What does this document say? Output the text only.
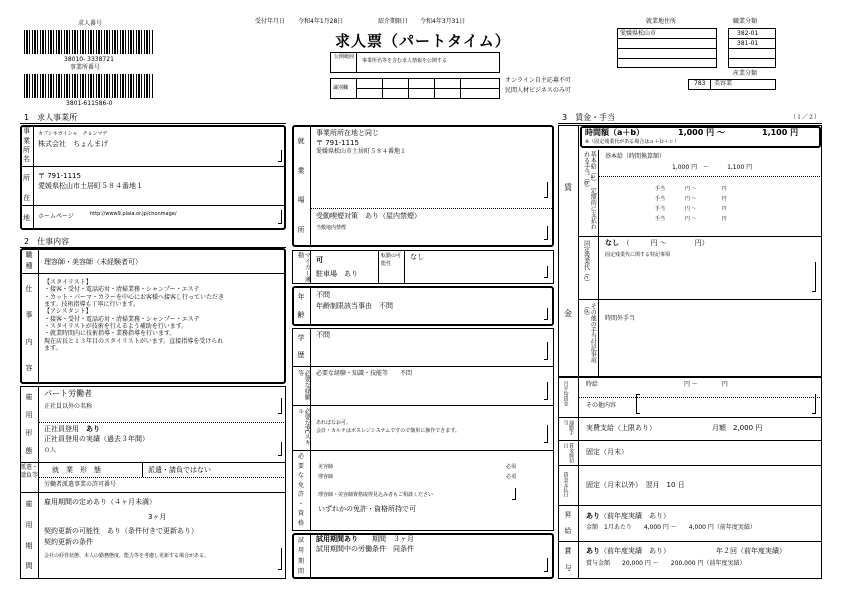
求人番号
38010- 3338721
事業所番号
3801-611586-0
受付年月日 令和4年1月28日	紹介期限日 令和4年3月31日
求人票（パートタイム）
公開範囲
事業所名等を含む求人情報を公開する
識別欄
オンライン自主応募不可
民間人材ビジネスのみ可
就業地住所
愛媛県松山市
職業分類
382-01
381-01
産業分類
783 美容業
1　求人事業所
事
業
所
名
所
在
地
カブシキガイシャ　チョンマゲ
株式会社　ちょんまげ
〒 791-1115
愛媛県松山市土居町５８４番地１
ホームページ	http://www9.plala.or.jp/chonmage/
2　仕事内容
職
種
理容師・美容師（未経験者可）
仕
事
内
容
【スタイリスト】
・接客・受付・電話応対・清掃業務・シャンプー・エステ
・カット・パーマ・カラーを中心にお客様へ接客し行っていただき
ます。技術指導も丁寧に行います。
【アシスタント】
・接客・受付・電話応対・清掃業務・シャンプー・エステ
・スタイリストが技術を行えるよう補助を行います。
・就業時間内に技術指導・業務指導を行います。
現在店長と１３年目のスタイリストがいます。直接指導を受けられ
ます。
雇
用
形
態
パート労働者
正社員以外の名称
正社員登用　 あり
正社員登用の実績（過去３年間）
０人
派遣・請負等
就　業　形　態	派遣・請負ではない
労働者派遣事業の許可番号
雇
用
期
間
雇用期間の定めあり（４ヶ月未満）
3ヶ月
契約更新の可能性　あり（条件付きで更新あり）
契約更新の条件
会社の経営状態、本人の勤務態度，能力等を考慮し更新する場合がある。
就
業
場
所
事業所所在地と同じ
〒 791-1115
愛媛県松山市土居町５８４番地１
受動喫煙対策　あり（屋内禁煙）
当敷地内禁煙
マイカー通勤
可
駐車場　あり
転勤の可能性
なし
年
齢
不問
年齢制限該当事由　不問
学
歴
不問
必要な経験等	必要な経験・知識・技能等　　不問
必要なPCスキル
あればなお可。
会計・カルテはポスレジシステムですので簡単に操作できます。
必
要
な
免
許
・
資
格
美容師	必須
理容師	必須
理容師・美容師資格取得見込み者もご相談ください
いずれかの免許・資格所持で可
試
用
期
間
試用期間あり　　 期間　３ヶ月
試用期間中の労働条件　同条件
3　賃金・手当	（１／２）
賃
金
時間額（a＋b）	1,000 円 〜	1,100 円
※（固定残業代がある場合はａ＋ｂ＋ｃ）
基本給（a）　定額的に支払われる手当（b）	基本給（時間換算額）
1,000 円　〜　　　1,100 円
手当　　　　円 〜　　　　　円
手当　　　　円 〜　　　　　円
手当　　　　円 〜　　　　　円
手当　　　　円 〜　　　　　円
固定残業代（c） なし　 （　　　円 〜　　　　円）
固定残業代に関する特記事項
その他の手当付記事項（d）	時間外手当
月平均賃金	時給	円 〜　　　　円
その他内容
通勤手当
実費支給（上限あり）	月額　2,000 円
賃金締切日
固定（月末）
賃金支払日	固定（月末以外）　翌月　10 日
昇
給
あり（前年度実績　あり）
金額　1月あたり　　4,000 円 〜　　4,000 円（前年度実績）
賞
与
あり（前年度実績　あり）	年２回（前年度実績）
賞与金額　　20,000 円 〜　　200,000 円（前年度実績）
